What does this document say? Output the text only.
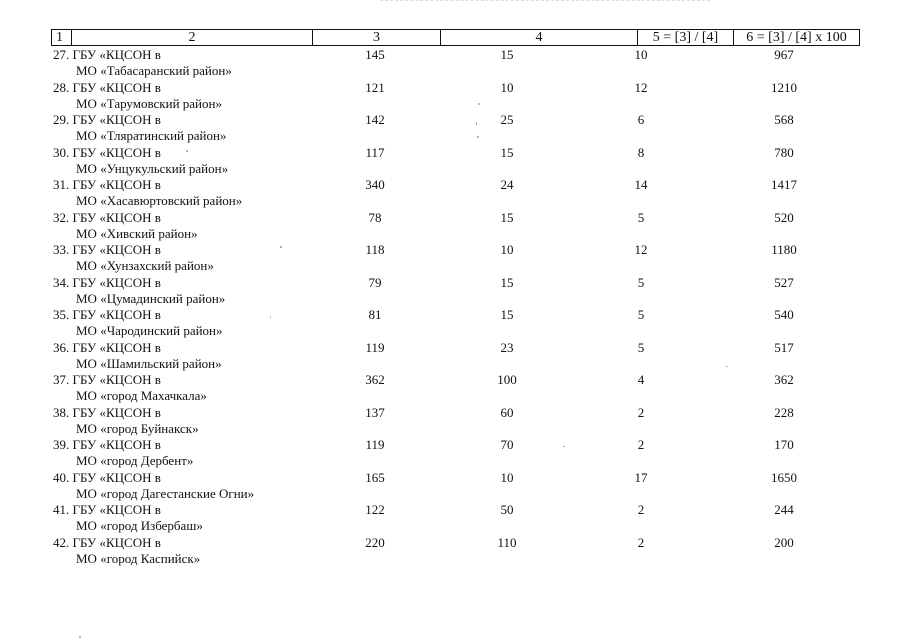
1	2	3	4	5 = [3] / [4]	6 = [3] / [4] x 100
27. ГБУ «КЦСОН в
МО «Табасаранский район»
145	15	10	967
28. ГБУ «КЦСОН в
МО «Тарумовский район»
121	10	12	1210
29. ГБУ «КЦСОН в
МО «Тляратинский район»
142	25	6	568
30. ГБУ «КЦСОН в
МО «Унцукульский район»
117	15	8	780
31. ГБУ «КЦСОН в
МО «Хасавюртовский район»
340	24	14	1417
32. ГБУ «КЦСОН в
МО «Хивский район»
78	15	5	520
33. ГБУ «КЦСОН в
МО «Хунзахский район»
118	10	12	1180
34. ГБУ «КЦСОН в
МО «Цумадинский район»
79	15	5	527
35. ГБУ «КЦСОН в
МО «Чародинский район»
81	15	5	540
36. ГБУ «КЦСОН в
МО «Шамильский район»
119	23	5	517
37. ГБУ «КЦСОН в
МО «город Махачкала»
362	100	4	362
38. ГБУ «КЦСОН в
МО «город Буйнакск»
137	60	2	228
39. ГБУ «КЦСОН в
МО «город Дербент»
119	70	2	170
40. ГБУ «КЦСОН в
МО «город Дагестанские Огни»
165	10	17	1650
41. ГБУ «КЦСОН в
МО «город Избербаш»
122	50	2	244
42. ГБУ «КЦСОН в
МО «город Каспийск»
220	110	2	200
